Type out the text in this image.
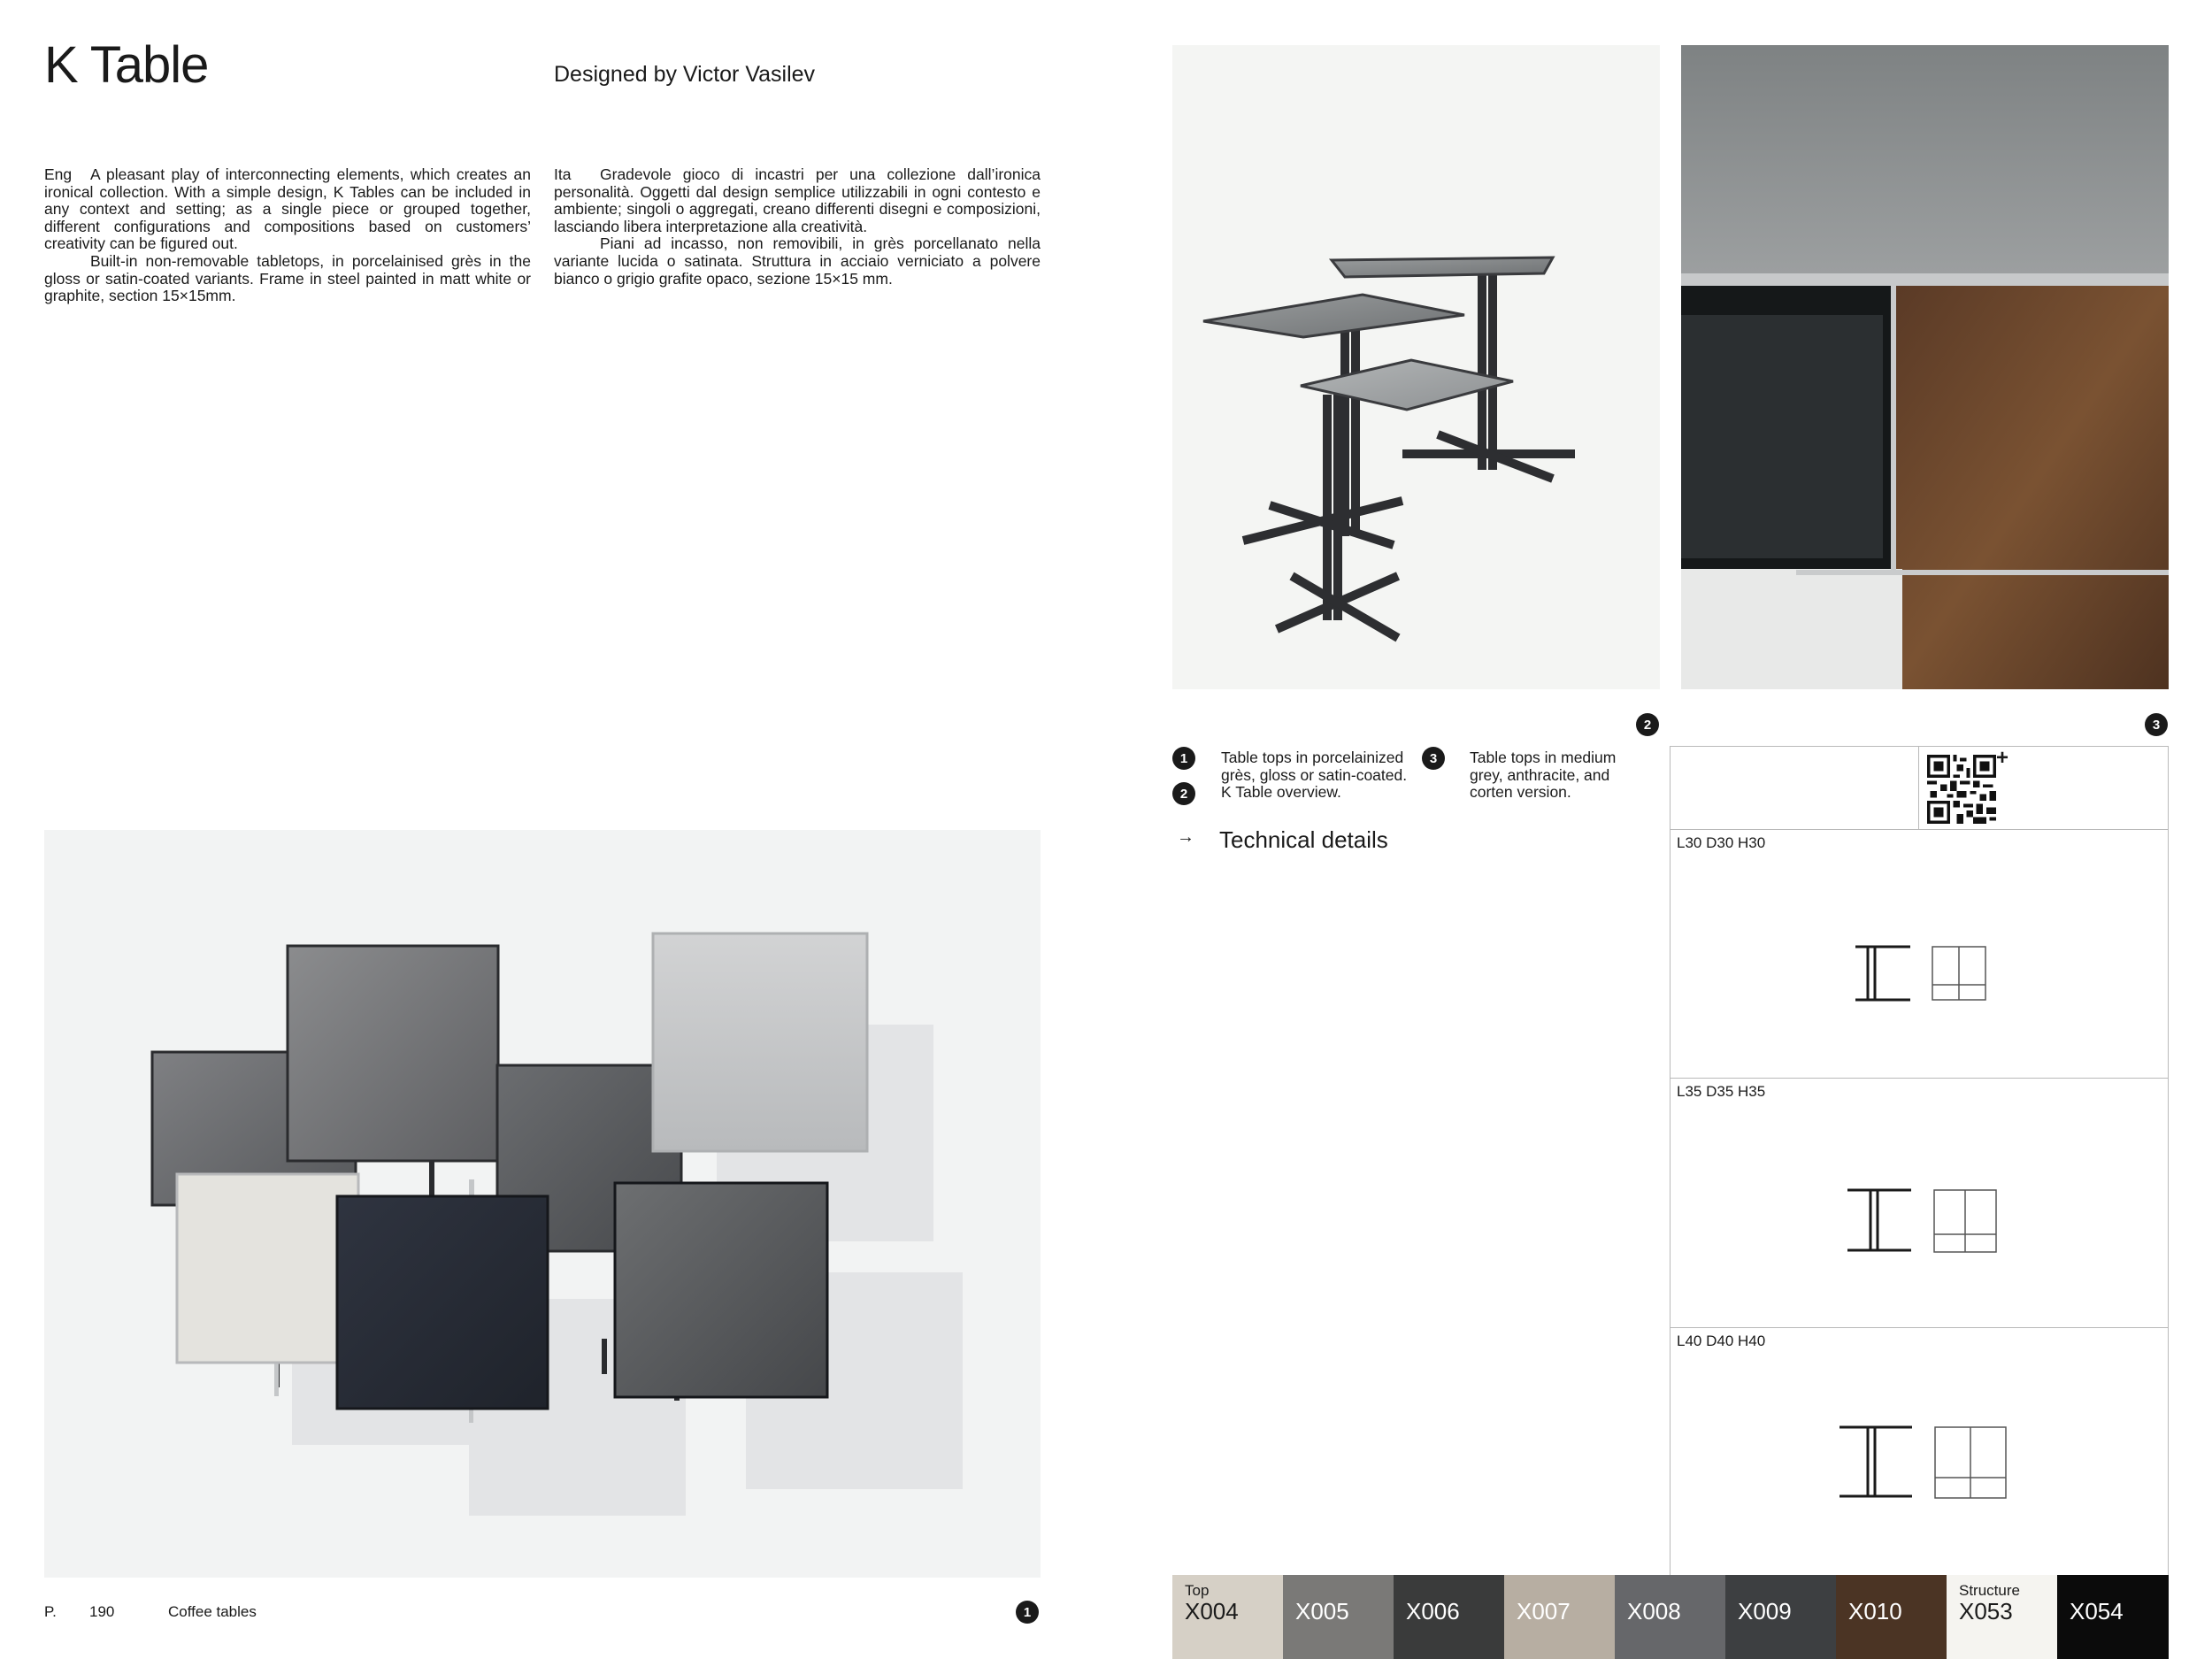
K Table	Designed by Victor Vasilev

Eng A pleasant play of interconnecting elements, which creates an ironical collection. With a simple design, K Tables can be included in any context and setting; as a single piece or grouped together, different configurations and compositions based on customers’ creativity can be figured out.

Built-in non-removable tabletops, in porcelainised grès in the gloss or satin-coated variants. Frame in steel painted in matt white or graphite, section 15×15mm.

Ita Gradevole gioco di incastri per una collezione dall’ironica personalità. Oggetti dal design semplice utilizzabili in ogni contesto e ambiente; singoli o aggregati, creano differenti disegni e composizioni, lasciando libera interpretazione alla creatività.

Piani ad incasso, non removibili, in grès porcellanato nella variante lucida o satinata. Struttura in acciaio verniciato a polvere bianco o grigio grafite opaco, sezione 15×15 mm.

2	3
1	Table tops in porcelainized grès, gloss or satin-coated.
2	K Table overview.
3	Table tops in medium grey, anthracite, and corten version.
→ Technical details
+
L30 D30 H30
L35 D35 H35
L40 D40 H40
1
Top
X004	X005	X006	X007	X008	X009	X010
Structure
X053	X054
P. 190	Coffee tables
